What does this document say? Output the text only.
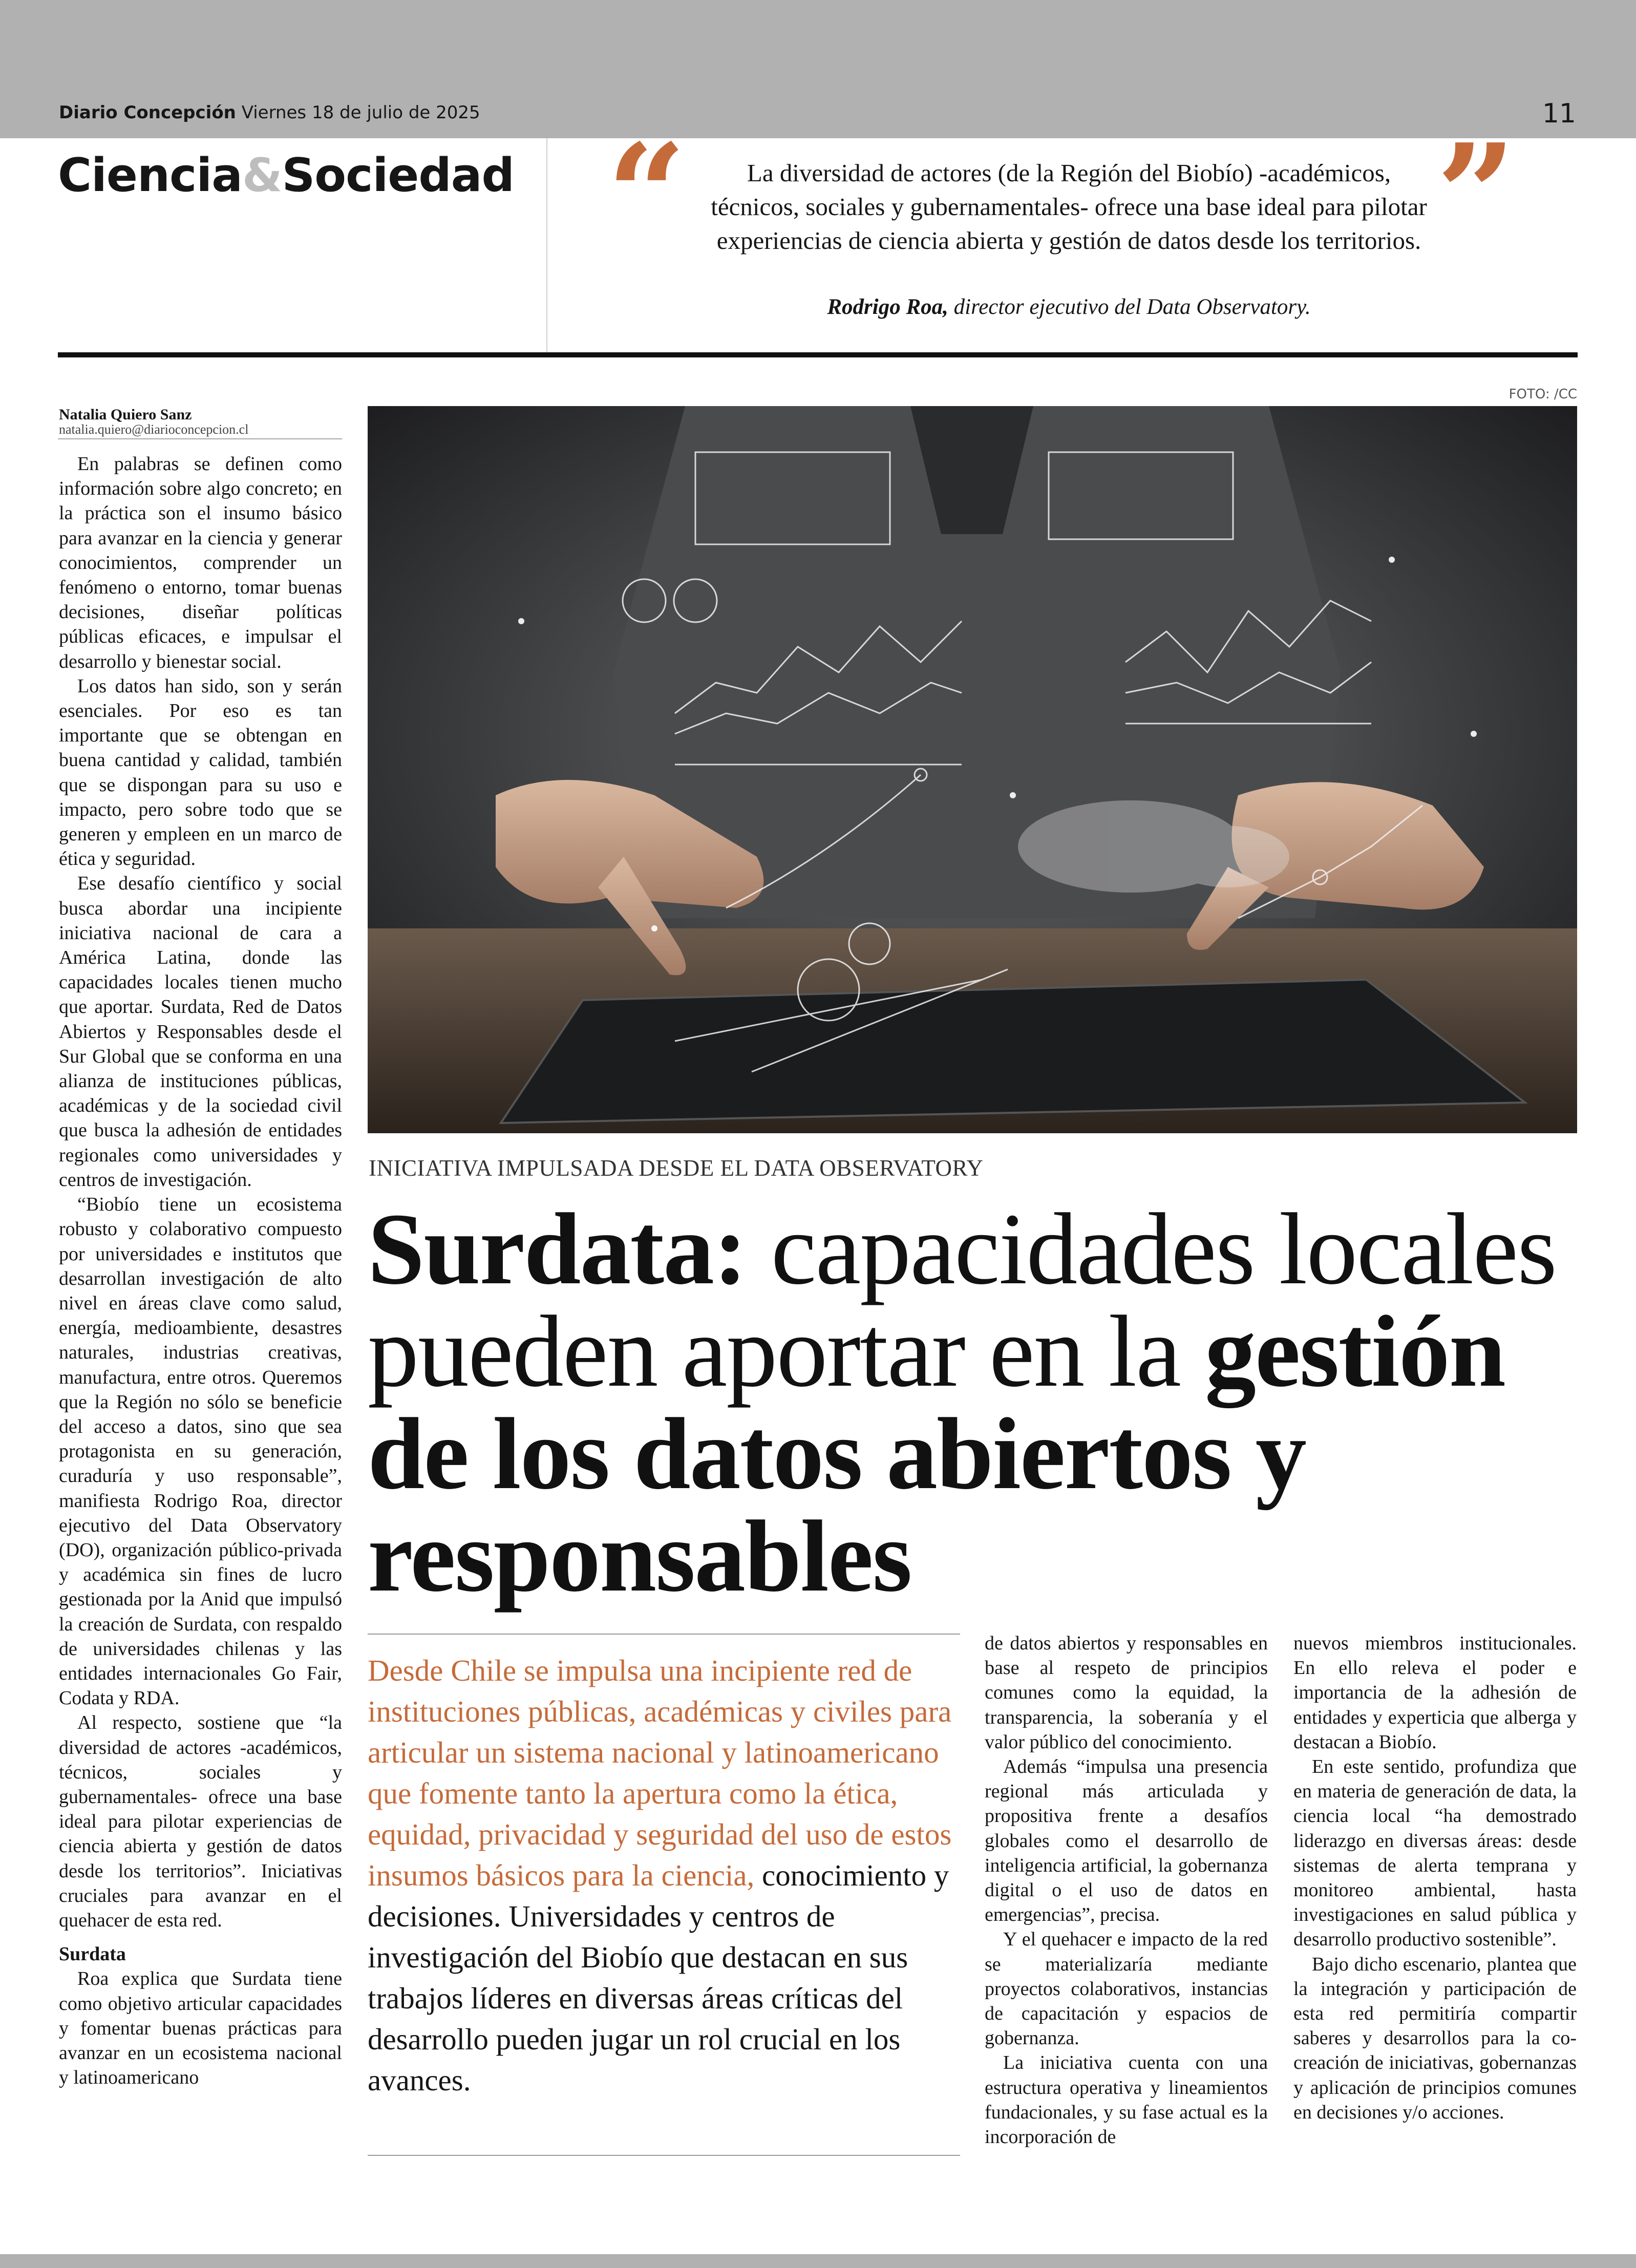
Diario Concepción Viernes 18 de julio de 2025	11
Ciencia&Sociedad “	La diversidad de actores (de la Región del Biobío) -académicos, técnicos, sociales y gubernamentales- ofrece una base ideal para pilotar experiencias de ciencia abierta y gestión de datos desde los territorios.
Rodrigo Roa, director ejecutivo del Data Observatory.
”
FOTO: /CC
Natalia Quiero Sanz
natalia.quiero@diarioconcepcion.cl

En palabras se definen como información sobre algo concreto; en la práctica son el insumo básico para avanzar en la ciencia y generar conocimientos, comprender un fenómeno o entorno, tomar buenas decisiones, diseñar políticas públicas eficaces, e impulsar el desarrollo y bienestar social.

Los datos han sido, son y serán esenciales. Por eso es tan importante que se obtengan en buena cantidad y calidad, también que se dispongan para su uso e impacto, pero sobre todo que se generen y empleen en un marco de ética y seguridad.

Ese desafío científico y social busca abordar una incipiente iniciativa nacional de cara a América Latina, donde las capacidades locales tienen mucho que aportar. Surdata, Red de Datos Abiertos y Responsables desde el Sur Global que se conforma en una alianza de instituciones públicas, académicas y de la sociedad civil que busca la adhesión de entidades regionales como universidades y centros de investigación.

“Biobío tiene un ecosistema robusto y colaborativo compuesto por universidades e institutos que desarrollan investigación de alto nivel en áreas clave como salud, energía, medioambiente, desastres naturales, industrias creativas, manufactura, entre otros. Queremos que la Región no sólo se beneficie del acceso a datos, sino que sea protagonista en su generación, curaduría y uso responsable”, manifiesta Rodrigo Roa, director ejecutivo del Data Observatory (DO), organización público-privada y académica sin fines de lucro gestionada por la Anid que impulsó la creación de Surdata, con respaldo de universidades chilenas y las entidades internacionales Go Fair, Codata y RDA.

Al respecto, sostiene que “la diversidad de actores -académicos, técnicos, sociales y gubernamentales- ofrece una base ideal para pilotar experiencias de ciencia abierta y gestión de datos desde los territorios”. Iniciativas cruciales para avanzar en el quehacer de esta red.

Surdata

Roa explica que Surdata tiene como objetivo articular capacidades y fomentar buenas prácticas para avanzar en un ecosistema nacional y latinoamericano

INICIATIVA IMPULSADA DESDE EL DATA OBSERVATORY
Surdata: capacidades locales pueden aportar en la gestión de los datos abiertos y responsables
Desde Chile se impulsa una incipiente red de instituciones públicas, académicas y civiles para articular un sistema nacional y latinoamericano que fomente tanto la apertura como la ética, equidad, privacidad y seguridad del uso de estos insumos básicos para la ciencia, conocimiento y decisiones. Universidades y centros de investigación del Biobío que destacan en sus trabajos líderes en diversas áreas críticas del desarrollo pueden jugar un rol crucial en los avances.

de datos abiertos y responsables en base al respeto de principios comunes como la equidad, la transparencia, la soberanía y el valor público del conocimiento.

Además “impulsa una presencia regional más articulada y propositiva frente a desafíos globales como el desarrollo de inteligencia artificial, la gobernanza digital o el uso de datos en emergencias”, precisa.

Y el quehacer e impacto de la red se materializaría mediante proyectos colaborativos, instancias de capacitación y espacios de gobernanza.

La iniciativa cuenta con una estructura operativa y lineamientos fundacionales, y su fase actual es la incorporación de

nuevos miembros institucionales. En ello releva el poder e importancia de la adhesión de entidades y experticia que alberga y destacan a Biobío.

En este sentido, profundiza que en materia de generación de data, la ciencia local “ha demostrado liderazgo en diversas áreas: desde sistemas de alerta temprana y monitoreo ambiental, hasta investigaciones en salud pública y desarrollo productivo sostenible”.

Bajo dicho escenario, plantea que la integración y participación de esta red permitiría compartir saberes y desarrollos para la co-creación de iniciativas, gobernanzas y aplicación de principios comunes en decisiones y/o acciones.
